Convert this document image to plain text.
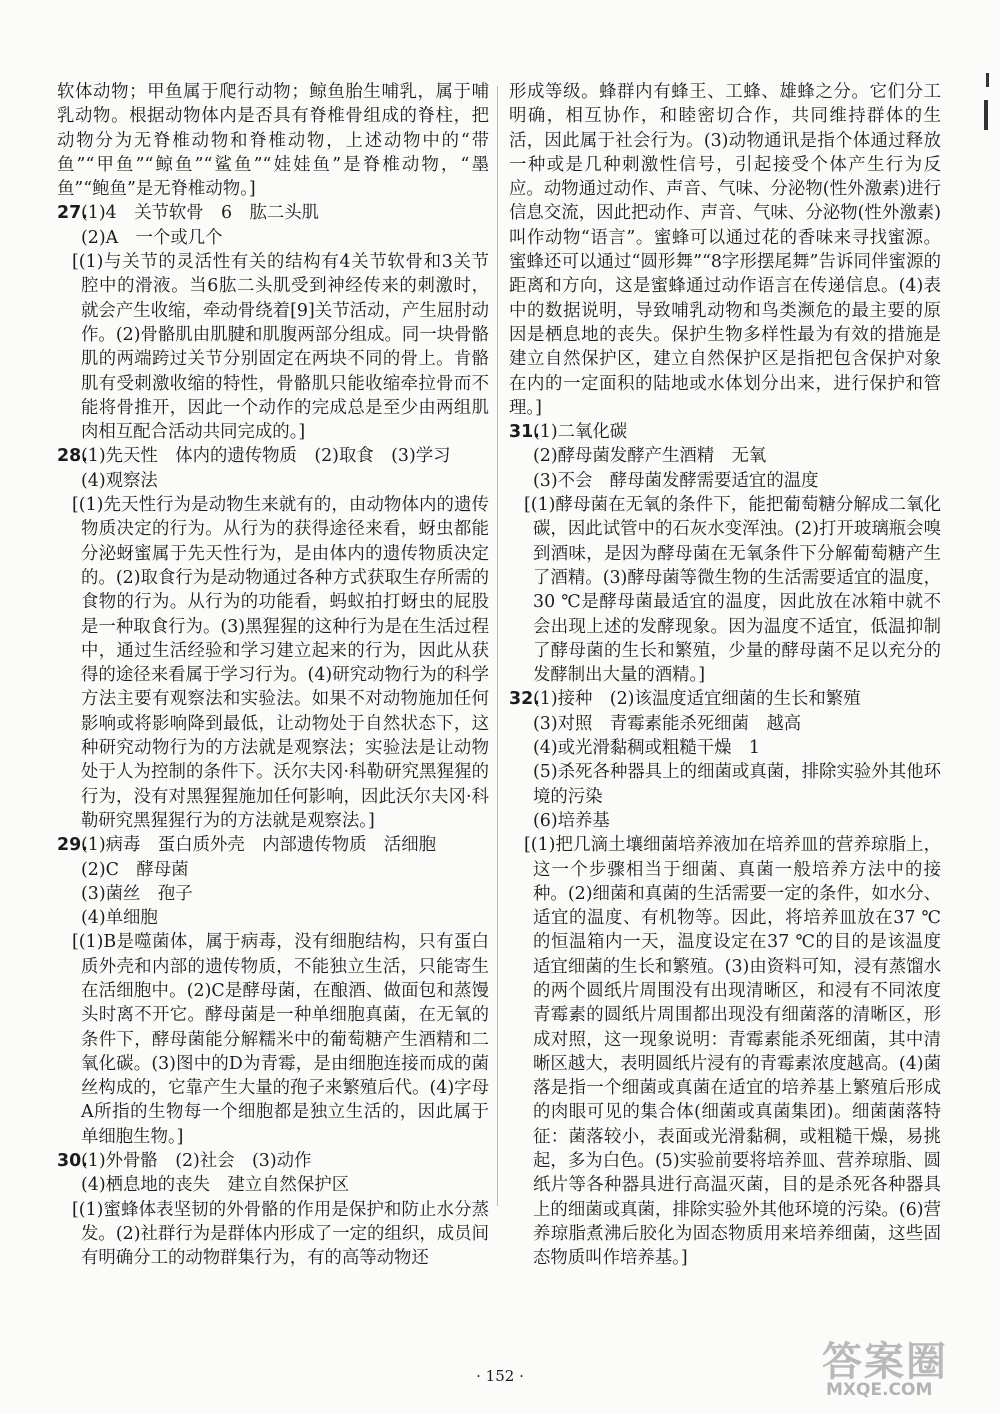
软体动物；甲鱼属于爬行动物；鲸鱼胎生哺乳，属于哺乳动物。根据动物体内是否具有脊椎骨组成的脊柱，把动物分为无脊椎动物和脊椎动物，上述动物中的“带鱼”“甲鱼”“鲸鱼”“鲨鱼”“娃娃鱼”是脊椎动物，“墨鱼”“鲍鱼”是无脊椎动物。]

27.(1)4　关节软骨　6　肱二头肌

(2)A　一个或几个

[(1)与关节的灵活性有关的结构有4关节软骨和3关节腔中的滑液。当6肱二头肌受到神经传来的刺激时，就会产生收缩，牵动骨绕着[9]关节活动，产生屈肘动作。(2)骨骼肌由肌腱和肌腹两部分组成。同一块骨骼肌的两端跨过关节分别固定在两块不同的骨上。肯骼肌有受刺激收缩的特性，骨骼肌只能收缩牵拉骨而不能将骨推开，因此一个动作的完成总是至少由两组肌肉相互配合活动共同完成的。]

28.(1)先天性　体内的遗传物质　(2)取食　(3)学习

(4)观察法

[(1)先天性行为是动物生来就有的，由动物体内的遗传物质决定的行为。从行为的获得途径来看，蚜虫都能分泌蚜蜜属于先天性行为，是由体内的遗传物质决定的。(2)取食行为是动物通过各种方式获取生存所需的食物的行为。从行为的功能看，蚂蚁拍打蚜虫的屁股是一种取食行为。(3)黑猩猩的这种行为是在生活过程中，通过生活经验和学习建立起来的行为，因此从获得的途径来看属于学习行为。(4)研究动物行为的科学方法主要有观察法和实验法。如果不对动物施加任何影响或将影响降到最低，让动物处于自然状态下，这种研究动物行为的方法就是观察法；实验法是让动物处于人为控制的条件下。沃尔夫冈·科勒研究黑猩猩的行为，没有对黑猩猩施加任何影响，因此沃尔夫冈·科勒研究黑猩猩行为的方法就是观察法。]

29.(1)病毒　蛋白质外壳　内部遗传物质　活细胞

(2)C　酵母菌

(3)菌丝　孢子

(4)单细胞

[(1)B是噬菌体，属于病毒，没有细胞结构，只有蛋白质外壳和内部的遗传物质，不能独立生活，只能寄生在活细胞中。(2)C是酵母菌，在酿酒、做面包和蒸馒头时离不开它。酵母菌是一种单细胞真菌，在无氧的条件下，酵母菌能分解糯米中的葡萄糖产生酒精和二氧化碳。(3)图中的D为青霉，是由细胞连接而成的菌丝构成的，它靠产生大量的孢子来繁殖后代。(4)字母A所指的生物每一个细胞都是独立生活的，因此属于单细胞生物。]

30.(1)外骨骼　(2)社会　(3)动作

(4)栖息地的丧失　建立自然保护区

[(1)蜜蜂体表坚韧的外骨骼的作用是保护和防止水分蒸发。(2)社群行为是群体内形成了一定的组织，成员间有明确分工的动物群集行为，有的高等动物还

形成等级。蜂群内有蜂王、工蜂、雄蜂之分。它们分工明确，相互协作，和睦密切合作，共同维持群体的生活，因此属于社会行为。(3)动物通讯是指个体通过释放一种或是几种刺激性信号，引起接受个体产生行为反应。动物通过动作、声音、气味、分泌物(性外激素)进行信息交流，因此把动作、声音、气味、分泌物(性外激素)叫作动物“语言”。蜜蜂可以通过花的香味来寻找蜜源。蜜蜂还可以通过“圆形舞”“8字形摆尾舞”告诉同伴蜜源的距离和方向，这是蜜蜂通过动作语言在传递信息。(4)表中的数据说明，导致哺乳动物和鸟类濒危的最主要的原因是栖息地的丧失。保护生物多样性最为有效的措施是建立自然保护区，建立自然保护区是指把包含保护对象在内的一定面积的陆地或水体划分出来，进行保护和管理。]

31.(1)二氧化碳

(2)酵母菌发酵产生酒精　无氧

(3)不会　酵母菌发酵需要适宜的温度

[(1)酵母菌在无氧的条件下，能把葡萄糖分解成二氧化碳，因此试管中的石灰水变浑浊。(2)打开玻璃瓶会嗅到酒味，是因为酵母菌在无氧条件下分解葡萄糖产生了酒精。(3)酵母菌等微生物的生活需要适宜的温度，30 ℃是酵母菌最适宜的温度，因此放在冰箱中就不会出现上述的发酵现象。因为温度不适宜，低温抑制了酵母菌的生长和繁殖，少量的酵母菌不足以充分的发酵制出大量的酒精。]

32.(1)接种　(2)该温度适宜细菌的生长和繁殖

(3)对照　青霉素能杀死细菌　越高

(4)或光滑黏稠或粗糙干燥　1

(5)杀死各种器具上的细菌或真菌，排除实验外其他环境的污染

(6)培养基

[(1)把几滴土壤细菌培养液加在培养皿的营养琼脂上，这一个步骤相当于细菌、真菌一般培养方法中的接种。(2)细菌和真菌的生活需要一定的条件，如水分、适宜的温度、有机物等。因此，将培养皿放在37 ℃的恒温箱内一天，温度设定在37 ℃的目的是该温度适宜细菌的生长和繁殖。(3)由资料可知，浸有蒸馏水的两个圆纸片周围没有出现清晰区，和浸有不同浓度青霉素的圆纸片周围都出现没有细菌落的清晰区，形成对照，这一现象说明：青霉素能杀死细菌，其中清晰区越大，表明圆纸片浸有的青霉素浓度越高。(4)菌落是指一个细菌或真菌在适宜的培养基上繁殖后形成的肉眼可见的集合体(细菌或真菌集团)。细菌菌落特征：菌落较小，表面或光滑黏稠，或粗糙干燥，易挑起，多为白色。(5)实验前要将培养皿、营养琼脂、圆纸片等各种器具进行高温灭菌，目的是杀死各种器具上的细菌或真菌，排除实验外其他环境的污染。(6)营养琼脂煮沸后胶化为固态物质用来培养细菌，这些固态物质叫作培养基。]

· 152 ·	答案圈
MXQE.COM
